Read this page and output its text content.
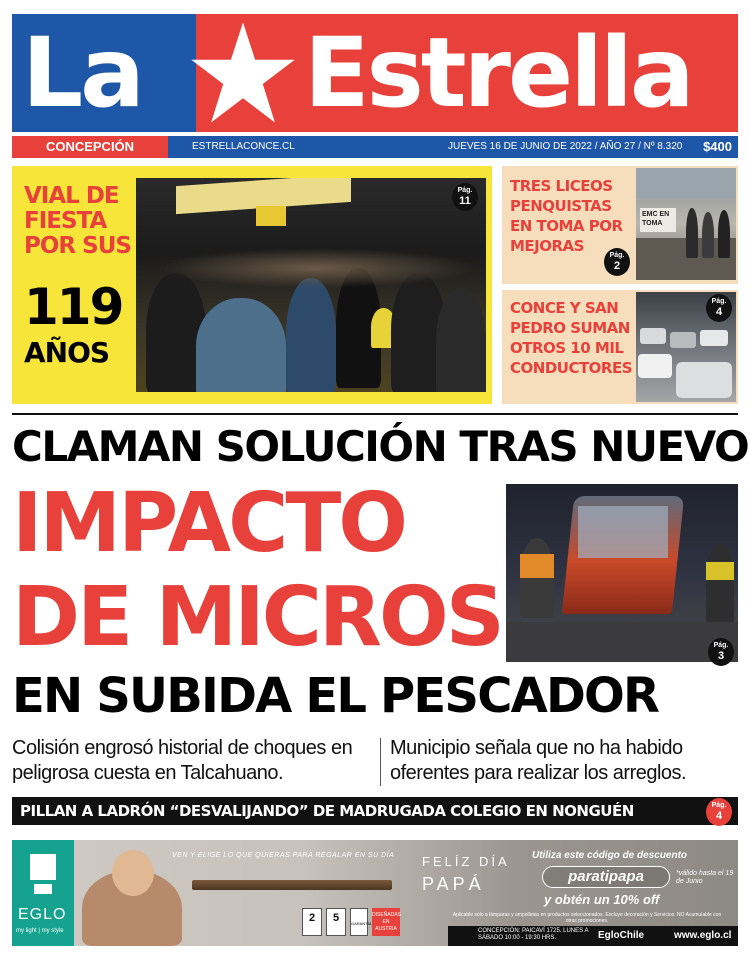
La Estrella
CONCEPCIÓN	ESTRELLACONCE.CL	JUEVES 16 DE JUNIO DE 2022 / AÑO 27 / Nº 8.320 $400
VIAL DE FIESTA POR SUS
119
AÑOS
Pág.
11
TRES LICEOS PENQUISTAS EN TOMA POR MEJORAS
EMC EN TOMA
Pág.
2
CONCE Y SAN PEDRO SUMAN OTROS 10 MIL CONDUCTORES
Pág.
4
CLAMAN SOLUCIÓN TRAS NUEVO
IMPACTO
DE MICROS	Pág.
3
EN SUBIDA EL PESCADOR
Colisión engrosó historial de choques en peligrosa cuesta en Talcahuano.
Municipio señala que no ha habido oferentes para realizar los arreglos.
PILLAN A LADRÓN “DESVALIJANDO” DE MADRUGADA COLEGIO EN NONGUÉN	Pág.
4
EGLO
my light | my style
VEN Y ELIGE LO QUE QUIERAS PARA REGALAR EN SU DÍA
2	5	GARANTÍA
DISEÑADAS EN AUSTRIA
FELÍZ DÍA
PAPÁ
Utiliza este código de descuento
paratipapa	*válido hasta el 19 de Junio
y obtén un 10% off
Aplicable sólo a lámparas y ampolletas en productos seleccionados. Excluye decoración y Servicios. NO Acumulable con otras promociones.
CONCEPCIÓN: PAICAVÍ 1725. LUNES A SÁBADO 10:00 - 19:30 HRS.	EgloChile	www.eglo.cl
